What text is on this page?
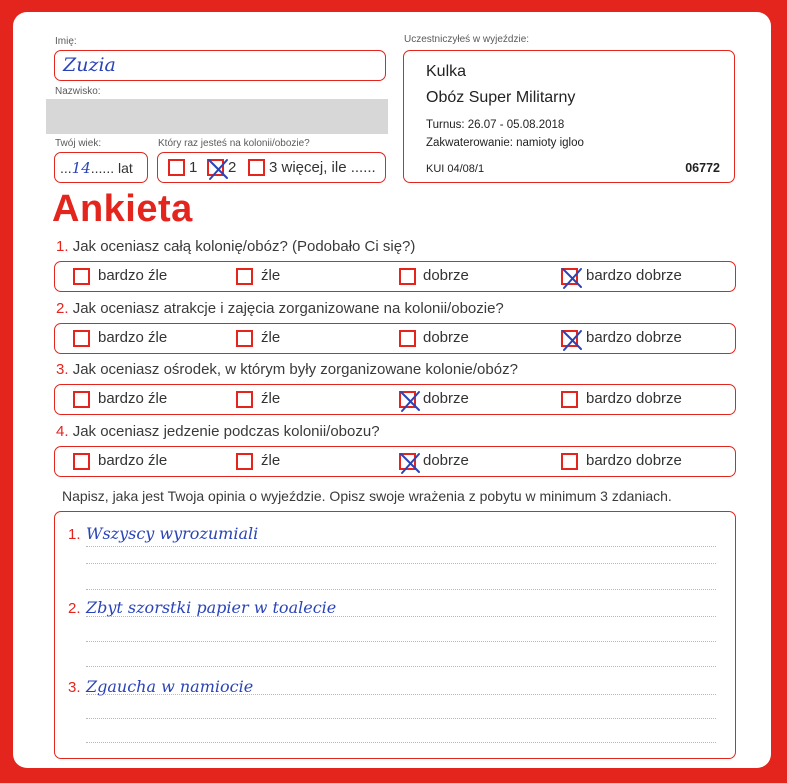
Imię:
Zuzia
Nazwisko:
Twój wiek:
...14...... lat
Który raz jesteś na kolonii/obozie?
1 2 3 więcej, ile ......
Uczestniczyłeś w wyjeździe:
Kulka
Obóz Super Militarny
Turnus: 26.07 - 05.08.2018
Zakwaterowanie: namioty igloo
KUI 04/08/1	06772
Ankieta
1. Jak oceniasz całą kolonię/obóz? (Podobało Ci się?)
2. Jak oceniasz atrakcje i zajęcia zorganizowane na kolonii/obozie?
3. Jak oceniasz ośrodek, w którym były zorganizowane kolonie/obóz?
4. Jak oceniasz jedzenie podczas kolonii/obozu?
Napisz, jaka jest Twoja opinia o wyjeździe. Opisz swoje wrażenia z pobytu w minimum 3 zdaniach.
1. Wszyscy wyrozumiali
2. Zbyt szorstki papier w toalecie
3. Zgaucha w namiocie
bardzo źle	źle	dobrze	bardzo dobrze
bardzo źle	źle	dobrze	bardzo dobrze
bardzo źle	źle	dobrze	bardzo dobrze
bardzo źle	źle	dobrze	bardzo dobrze
